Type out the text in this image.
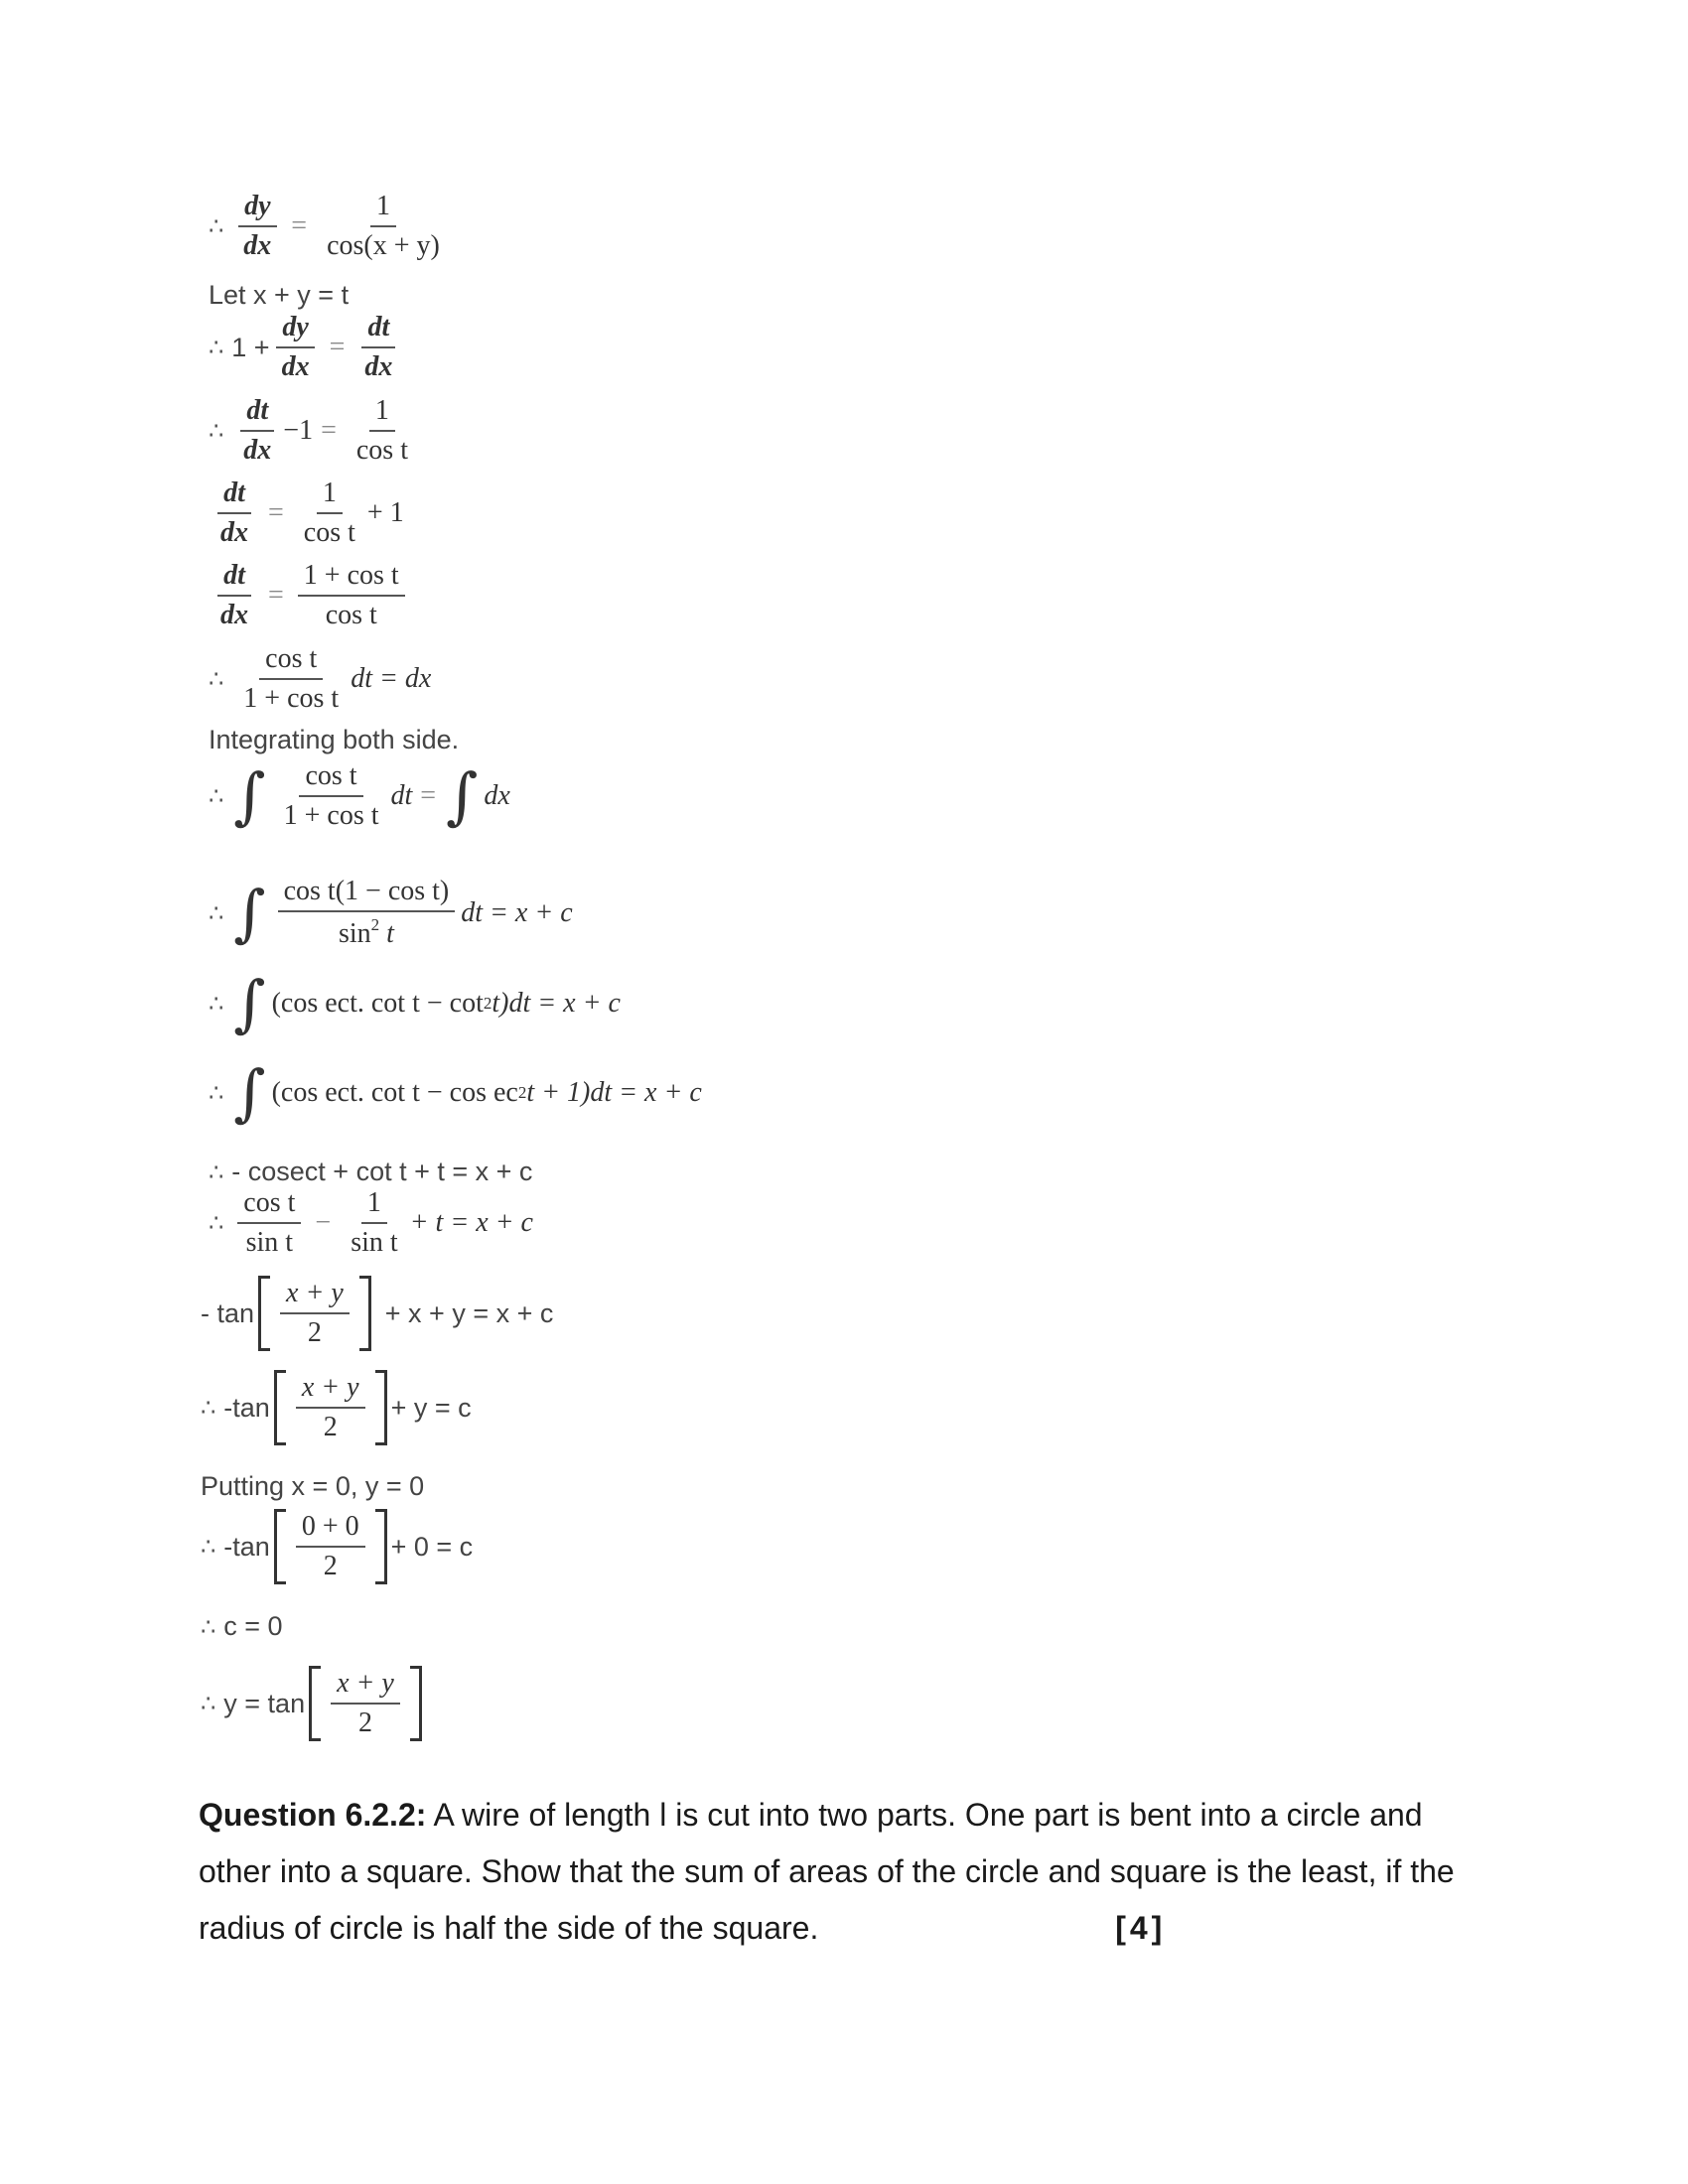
∴ $\frac{dy}{dx} = \frac{1}{\cos(x + y)}$
Let x + y = t
∴ $1 + \frac{dy}{dx} = \frac{dt}{dx}$
∴ $\frac{dt}{dx} -1 = \frac{1}{\text{cos t}}$
$\frac{dt}{dx} = \frac{1}{\text{cos t}} + 1$
$\frac{dt}{dx} = \frac{\text{1 + cos t}}{\text{cos t}}$
∴ $\frac{\text{cos t}}{\text{1 + cos t}}$ dt = dx
Integrating both side.
∴ ∫ $\frac{\text{cos t}}{\text{1 + cos t}}$ dt = ∫ dx
∴ ∫ $\frac{\text{cos t(1 − cos t)}}{\sin^2 t}$ dt = x + c
∴ ∫ (cos ect. cot t − cot 2 t)dt = x + c
∴ ∫ (cos ect. cot t − cos ec 2 t + 1)dt = x + c
∴ - cosect + cot t + t = x + c
∴ $\frac{\text{cos t}}{\text{sin t}} - \frac{1}{\text{sin t}} + t = x + c$
- $\tan \frac{x + y}{2} + x + y = x + c$
∴ $-\tan \frac{x + y}{2} + y = c$
Putting x = 0, y = 0
∴ $-\tan \frac{0 + 0}{2} + 0 = c$
∴ c = 0
∴ $y = \tan \frac{x + y}{2}$
Question 6.2.2: A wire of length l is cut into two parts. One part is bent into a circle and other into a square. Show that the sum of areas of the circle and square is the least, if the radius of circle is half the side of the square.	[4]
